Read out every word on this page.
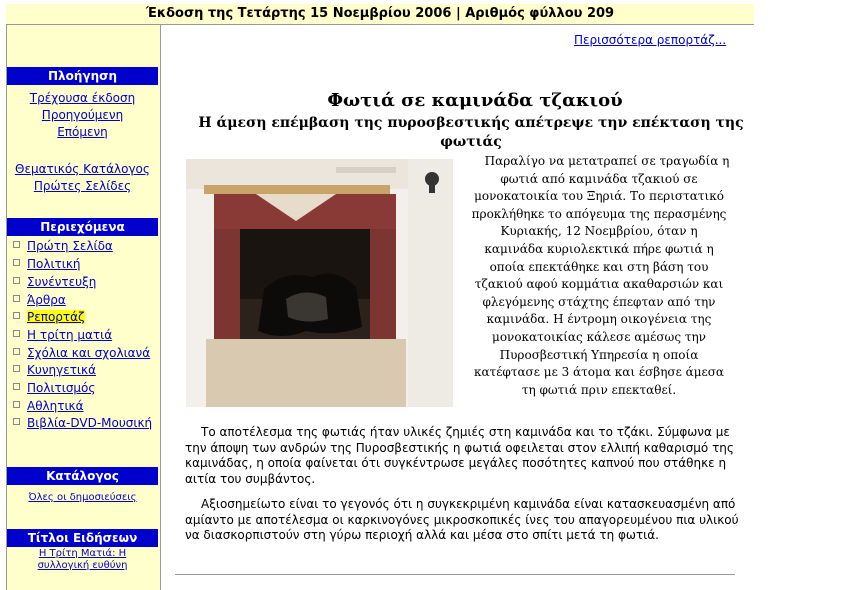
Έκδοση της Τετάρτης 15 Νοεμβρίου 2006 | Αριθμός φύλλου 209
Πλοήγηση
Τρέχουσα έκδοση
Προηγούμενη
Επόμενη
Θεματικός Κατάλογος
Πρώτες Σελίδες
Περιεχόμενα
Πρώτη Σελίδα
Πολιτική
Συνέντευξη
Άρθρα
Ρεπορτάζ
Η τρίτη ματιά
Σχόλια και σχολιανά
Κυνηγετικά
Πολιτισμός
Αθλητικά
Βιβλία-DVD-Μουσική
Κατάλογος
Όλες οι δημοσιεύσεις
Τίτλοι Ειδήσεων
Η Τρίτη Ματιά: Η
συλλογική ευθύνη
Περισσότερα ρεπορτάζ...
Φωτιά σε καμινάδα τζακιού
Η άμεση επέμβαση της πυροσβεστικής απέτρεψε την επέκταση της
φωτιάς
Παραλίγο να μετατραπεί σε τραγωδία η
φωτιά από καμινάδα τζακιού σε
μονοκατοικία του Ξηριά. Το περιστατικό
προκλήθηκε το απόγευμα της περασμένης
Κυριακής, 12 Νοεμβρίου, όταν η
καμινάδα κυριολεκτικά πήρε φωτιά η
οποία επεκτάθηκε και στη βάση του
τζακιού αφού κομμάτια ακαθαρσιών και
φλεγόμενης στάχτης έπεφταν από την
καμινάδα. Η έντρομη οικογένεια της
μονοκατοικίας κάλεσε αμέσως την
Πυροσβεστική Υπηρεσία η οποία
κατέφτασε με 3 άτομα και έσβησε άμεσα
τη φωτιά πριν επεκταθεί.

Το αποτέλεσμα της φωτιάς ήταν υλικές ζημιές στη καμινάδα και το τζάκι. Σύμφωνα με την άποψη των ανδρών της Πυροσβεστικής η φωτιά οφειλεται στον ελλιπή καθαρισμό της καμινάδας, η οποία φαίνεται ότι συγκέντρωσε μεγάλες ποσότητες καπνού που στάθηκε η αιτία του συμβάντος.

Αξιοσημείωτο είναι το γεγονός ότι η συγκεκριμένη καμινάδα είναι κατασκευασμένη από αμίαντο με αποτέλεσμα οι καρκινογόνες μικροσκοπικές ίνες του απαγορευμένου πια υλικού να διασκορπιστούν στη γύρω περιοχή αλλά και μέσα στο σπίτι μετά τη φωτιά.
